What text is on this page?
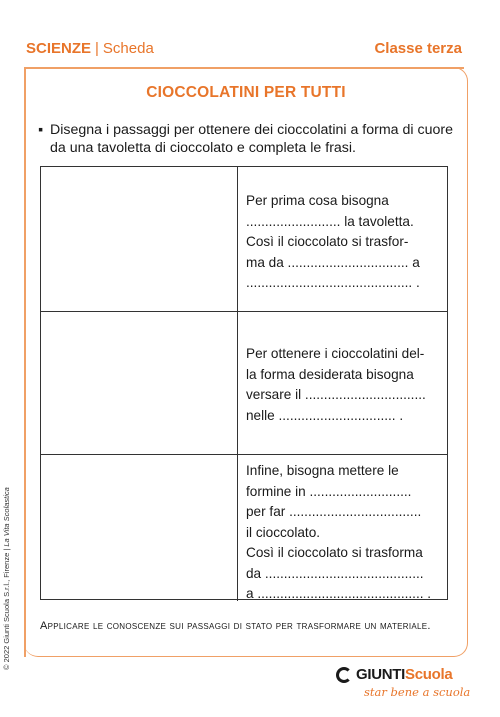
SCIENZE | Scheda	Classe terza
CIOCCOLATINI PER TUTTI
▪ Disegna i passaggi per ottenere dei cioccolatini a forma di cuore da una tavoletta di cioccolato e completa le frasi.
Per prima cosa bisogna
......................... la tavoletta.
Così il cioccolato si trasfor-
ma da ................................ a
............................................ .
Per ottenere i cioccolatini del-
la forma desiderata bisogna
versare il ................................
nelle ............................... .
Infine, bisogna mettere le
formine in ...........................
per far ...................................
il cioccolato.
Così il cioccolato si trasforma
da ..........................................
a ............................................ .
Applicare le conoscenze sui passaggi di stato per trasformare un materiale.
© 2022 Giunti Scuola S.r.l., Firenze | La Vita Scolastica
GIUNTIScuola
star bene a scuola
